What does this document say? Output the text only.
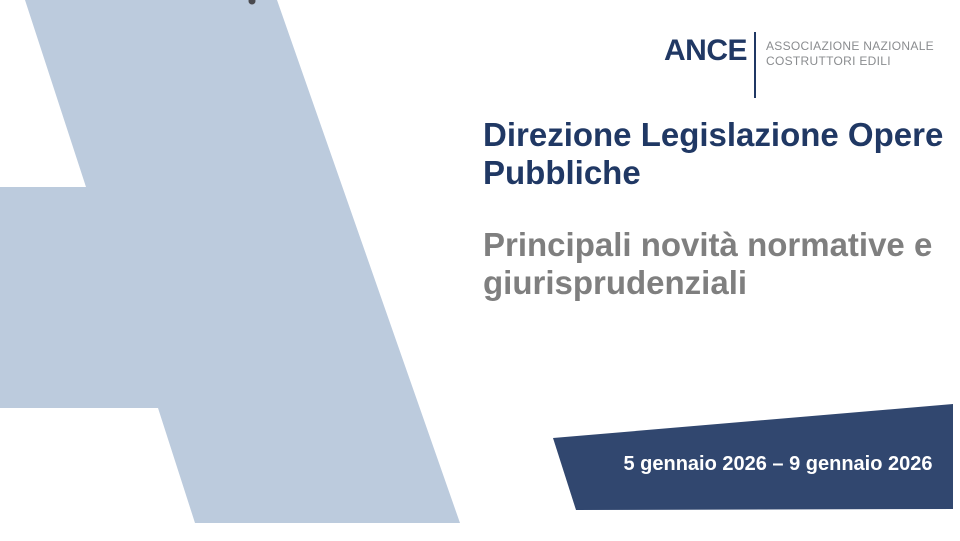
ANCE ASSOCIAZIONE NAZIONALE
COSTRUTTORI EDILI
Direzione Legislazione Opere
Pubbliche
Principali novità normative e
giurisprudenziali
5 gennaio 2026 – 9 gennaio 2026
